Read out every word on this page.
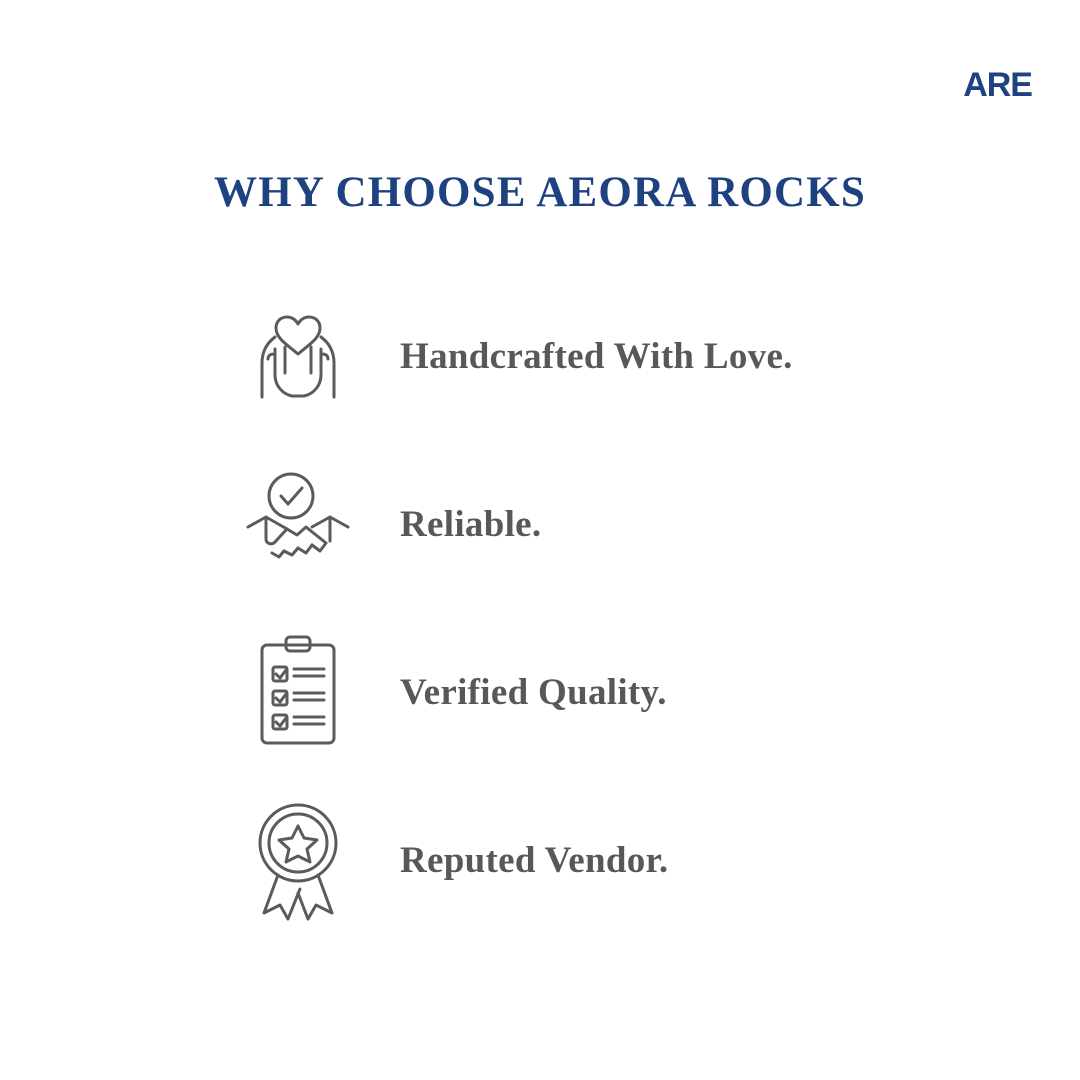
ARE
WHY CHOOSE AEORA ROCKS
Handcrafted With Love.
Reliable.
Verified Quality.
Reputed Vendor.
